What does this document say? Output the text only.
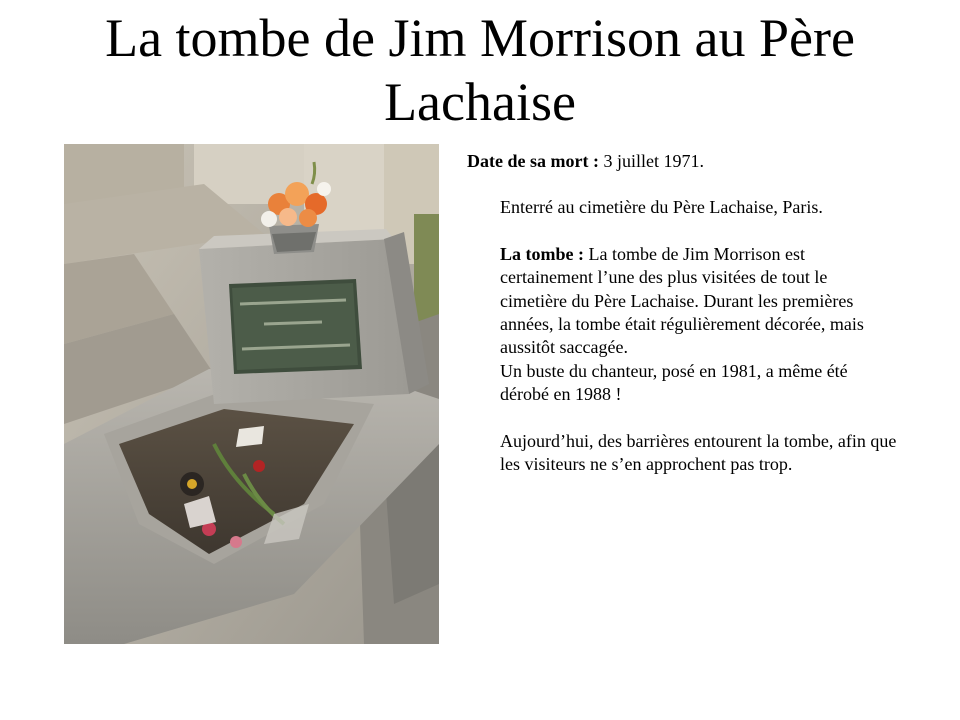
La tombe de Jim Morrison au Père Lachaise

Date de sa mort : 3 juillet 1971.

Enterré au cimetière du Père Lachaise, Paris.

La tombe : La tombe de Jim Morrison est certainement l’une des plus visitées de tout le cimetière du Père Lachaise. Durant les premières années, la tombe était régulièrement décorée, mais aussitôt saccagée.

Un buste du chanteur, posé en 1981, a même été dérobé en 1988 !

Aujourd’hui, des barrières entourent la tombe, afin que les visiteurs ne s’en approchent pas trop.
